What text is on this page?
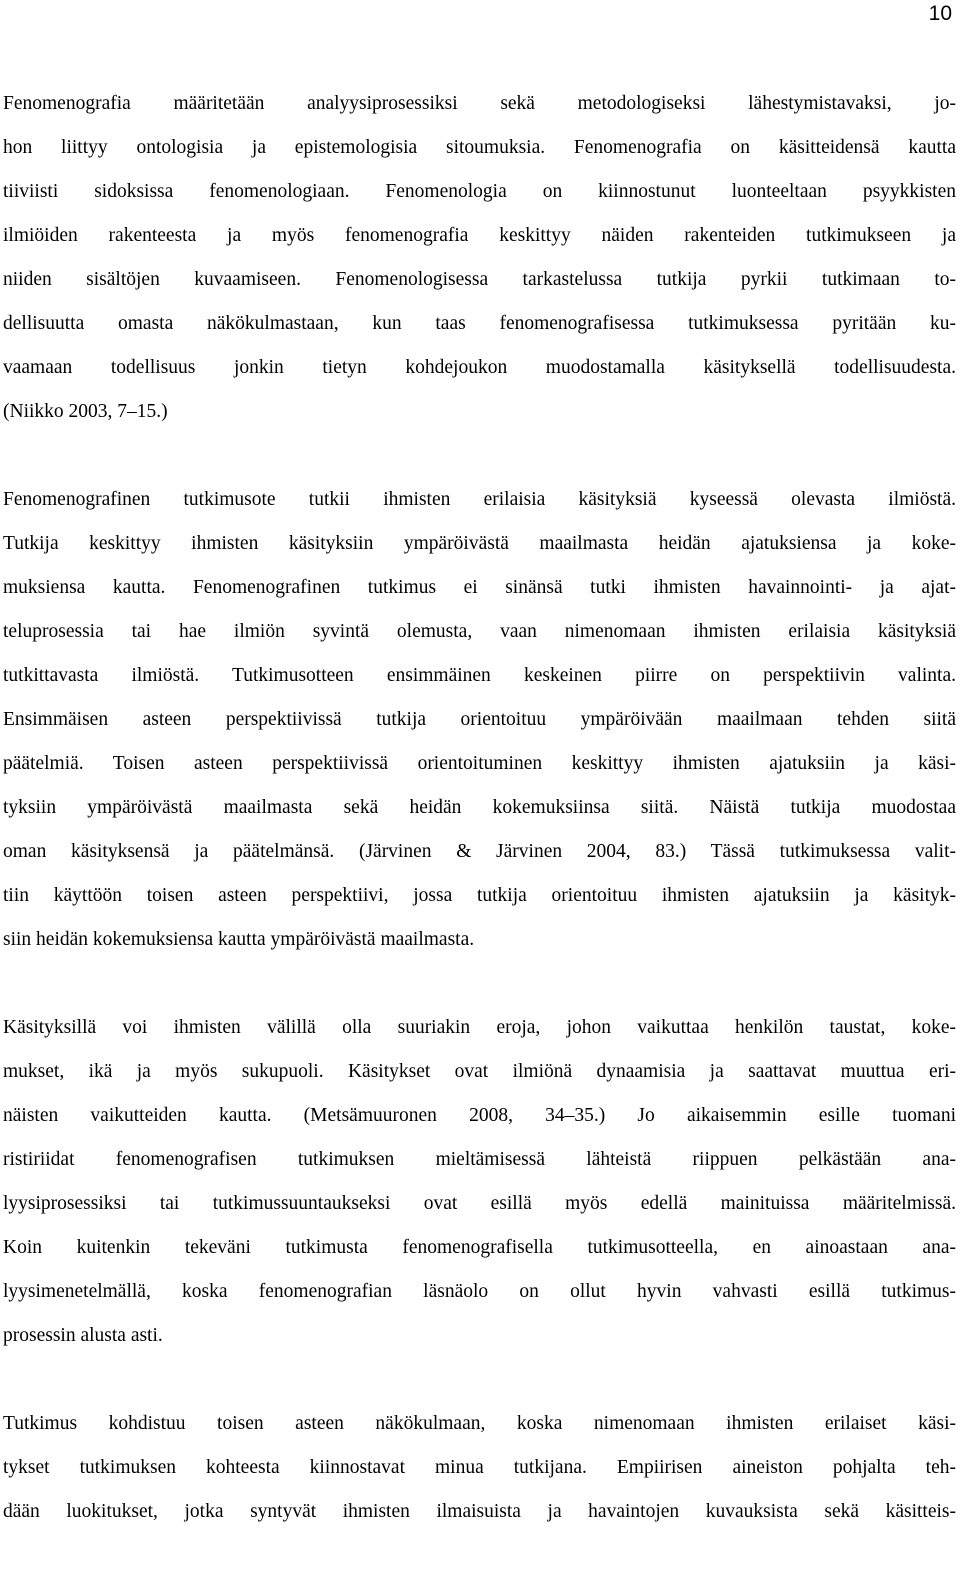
10
Fenomenografia määritetään analyysiprosessiksi sekä metodologiseksi lähestymistavaksi, jo-
hon liittyy ontologisia ja epistemologisia sitoumuksia. Fenomenografia on käsitteidensä kautta
tiiviisti sidoksissa fenomenologiaan. Fenomenologia on kiinnostunut luonteeltaan psyykkisten
ilmiöiden rakenteesta ja myös fenomenografia keskittyy näiden rakenteiden tutkimukseen ja
niiden sisältöjen kuvaamiseen. Fenomenologisessa tarkastelussa tutkija pyrkii tutkimaan to-
dellisuutta omasta näkökulmastaan, kun taas fenomenografisessa tutkimuksessa pyritään ku-
vaamaan todellisuus jonkin tietyn kohdejoukon muodostamalla käsityksellä todellisuudesta.
(Niikko 2003, 7–15.)
Fenomenografinen tutkimusote tutkii ihmisten erilaisia käsityksiä kyseessä olevasta ilmiöstä.
Tutkija keskittyy ihmisten käsityksiin ympäröivästä maailmasta heidän ajatuksiensa ja koke-
muksiensa kautta. Fenomenografinen tutkimus ei sinänsä tutki ihmisten havainnointi- ja ajat-
teluprosessia tai hae ilmiön syvintä olemusta, vaan nimenomaan ihmisten erilaisia käsityksiä
tutkittavasta ilmiöstä. Tutkimusotteen ensimmäinen keskeinen piirre on perspektiivin valinta.
Ensimmäisen asteen perspektiivissä tutkija orientoituu ympäröivään maailmaan tehden siitä
päätelmiä. Toisen asteen perspektiivissä orientoituminen keskittyy ihmisten ajatuksiin ja käsi-
tyksiin ympäröivästä maailmasta sekä heidän kokemuksiinsa siitä. Näistä tutkija muodostaa
oman käsityksensä ja päätelmänsä. (Järvinen & Järvinen 2004, 83.) Tässä tutkimuksessa valit-
tiin käyttöön toisen asteen perspektiivi, jossa tutkija orientoituu ihmisten ajatuksiin ja käsityk-
siin heidän kokemuksiensa kautta ympäröivästä maailmasta.
Käsityksillä voi ihmisten välillä olla suuriakin eroja, johon vaikuttaa henkilön taustat, koke-
mukset, ikä ja myös sukupuoli. Käsitykset ovat ilmiönä dynaamisia ja saattavat muuttua eri-
näisten vaikutteiden kautta. (Metsämuuronen 2008, 34–35.) Jo aikaisemmin esille tuomani
ristiriidat fenomenografisen tutkimuksen mieltämisessä lähteistä riippuen pelkästään ana-
lyysiprosessiksi tai tutkimussuuntaukseksi ovat esillä myös edellä mainituissa määritelmissä.
Koin kuitenkin tekeväni tutkimusta fenomenografisella tutkimusotteella, en ainoastaan ana-
lyysimenetelmällä, koska fenomenografian läsnäolo on ollut hyvin vahvasti esillä tutkimus-
prosessin alusta asti.
Tutkimus kohdistuu toisen asteen näkökulmaan, koska nimenomaan ihmisten erilaiset käsi-
tykset tutkimuksen kohteesta kiinnostavat minua tutkijana. Empiirisen aineiston pohjalta teh-
dään luokitukset, jotka syntyvät ihmisten ilmaisuista ja havaintojen kuvauksista sekä käsitteis-
